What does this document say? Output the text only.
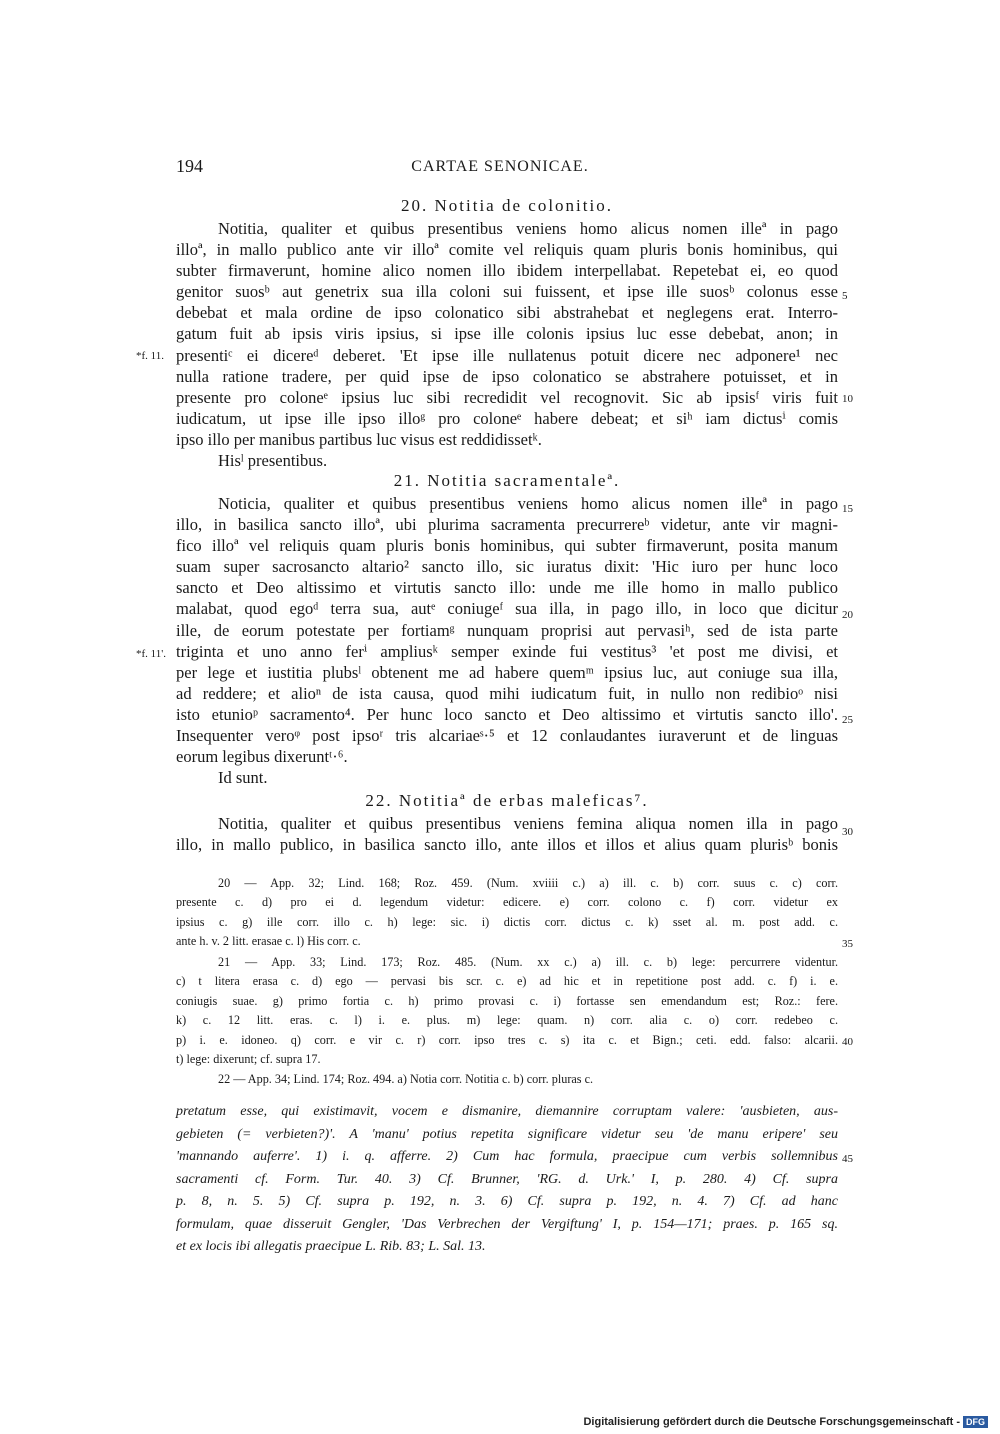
194	CARTAE SENONICAE.
20. Notitia de colonitio.
Notitia, qualiter et quibus presentibus veniens homo alicus nomen illeª in pago
illoª, in mallo publico ante vir illoª comite vel reliquis quam pluris bonis hominibus, qui
subter firmaverunt, homine alico nomen illo ibidem interpellabat. Repetebat ei, eo quod
genitor suosᵇ aut genetrix sua illa coloni sui fuissent, et ipse ille suosᵇ colonus esse
debebat et mala ordine de ipso colonatico sibi abstrahebat et neglegens erat. Interro-
gatum fuit ab ipsis viris ipsius, si ipse ille colonis ipsius luc esse debebat, anon; in
presentiᶜ ei dicereᵈ deberet. 'Et ipse ille nullatenus potuit dicere nec adponere¹ nec
nulla ratione tradere, per quid ipse de ipso colonatico se abstrahere potuisset, et in
presente pro coloneᵉ ipsius luc sibi recredidit vel recognovit. Sic ab ipsisᶠ viris fuit
iudicatum, ut ipse ille ipso illoᵍ pro coloneᵉ habere debeat; et siʰ iam dictusⁱ comis
ipso illo per manibus partibus luc visus est reddidissetᵏ.
Hisˡ presentibus.
21. Notitia sacramentaleª.
Noticia, qualiter et quibus presentibus veniens homo alicus nomen illeª in pago
illo, in basilica sancto illoª, ubi plurima sacramenta precurrereᵇ videtur, ante vir magni-
fico illoª vel reliquis quam pluris bonis hominibus, qui subter firmaverunt, posita manum
suam super sacrosancto altario² sancto illo, sic iuratus dixit: 'Hic iuro per hunc loco
sancto et Deo altissimo et virtutis sancto illo: unde me ille homo in mallo publico
malabat, quod egoᵈ terra sua, autᵉ coniugeᶠ sua illa, in pago illo, in loco que dicitur
ille, de eorum potestate per fortiamᵍ nunquam proprisi aut pervasiʰ, sed de ista parte
triginta et uno anno ferⁱ ampliusᵏ semper exinde fui vestitus³ 'et post me divisi, et
per lege et iustitia plubsˡ obtenent me ad habere quemᵐ ipsius luc, aut coniuge sua illa,
ad reddere; et alioⁿ de ista causa, quod mihi iudicatum fuit, in nullo non redibioᵒ nisi
isto etunioᵖ sacramento⁴. Per hunc loco sancto et Deo altissimo et virtutis sancto illo'.
Insequenter veroᵠ post ipsoʳ tris alcariaeˢ·⁵ et 12 conlaudantes iuraverunt et de linguas
eorum legibus dixeruntᵗ·⁶.
Id sunt.
22. Notitiaª de erbas maleficas⁷.
Notitia, qualiter et quibus presentibus veniens femina aliqua nomen illa in pago
illo, in mallo publico, in basilica sancto illo, ante illos et illos et alius quam plurisᵇ bonis
20 — App. 32; Lind. 168; Roz. 459. (Num. xviiii c.) a) ill. c. b) corr. suus c. c) corr.
presente c. d) pro ei d. legendum videtur: edicere. e) corr. colono c. f) corr. videtur ex
ipsius c. g) ille corr. illo c. h) lege: sic. i) dictis corr. dictus c. k) sset al. m. post add. c.
ante h. v. 2 litt. erasae c. l) His corr. c.
21 — App. 33; Lind. 173; Roz. 485. (Num. xx c.) a) ill. c. b) lege: percurrere videntur.
c) t litera erasa c. d) ego — pervasi bis scr. c. e) ad hic et in repetitione post add. c. f) i. e.
coniugis suae. g) primo fortia c. h) primo provasi c. i) fortasse sen emendandum est; Roz.: fere.
k) c. 12 litt. eras. c. l) i. e. plus. m) lege: quam. n) corr. alia c. o) corr. redebeo c.
p) i. e. idoneo. q) corr. e vir c. r) corr. ipso tres c. s) ita c. et Bign.; ceti. edd. falso: alcarii.
t) lege: dixerunt; cf. supra 17.
22 — App. 34; Lind. 174; Roz. 494. a) Notia corr. Notitia c. b) corr. pluras c.
pretatum esse, qui existimavit, vocem e dismanire, diemannire corruptam valere: 'ausbieten, aus-
gebieten (= verbieten?)'. A 'manu' potius repetita significare videtur seu 'de manu eripere' seu
'mannando auferre'. 1) i. q. afferre. 2) Cum hac formula, praecipue cum verbis sollemnibus
sacramenti cf. Form. Tur. 40. 3) Cf. Brunner, 'RG. d. Urk.' I, p. 280. 4) Cf. supra
p. 8, n. 5. 5) Cf. supra p. 192, n. 3. 6) Cf. supra p. 192, n. 4. 7) Cf. ad hanc
formulam, quae disseruit Gengler, 'Das Verbrechen der Vergiftung' I, p. 154—171; praes. p. 165 sq.
et ex locis ibi allegatis praecipue L. Rib. 83; L. Sal. 13.
*f. 11.
*f. 11'.
5
10
15
20
25
30
35
40
45
Digitalisierung gefördert durch die Deutsche Forschungsgemeinschaft - DFG
